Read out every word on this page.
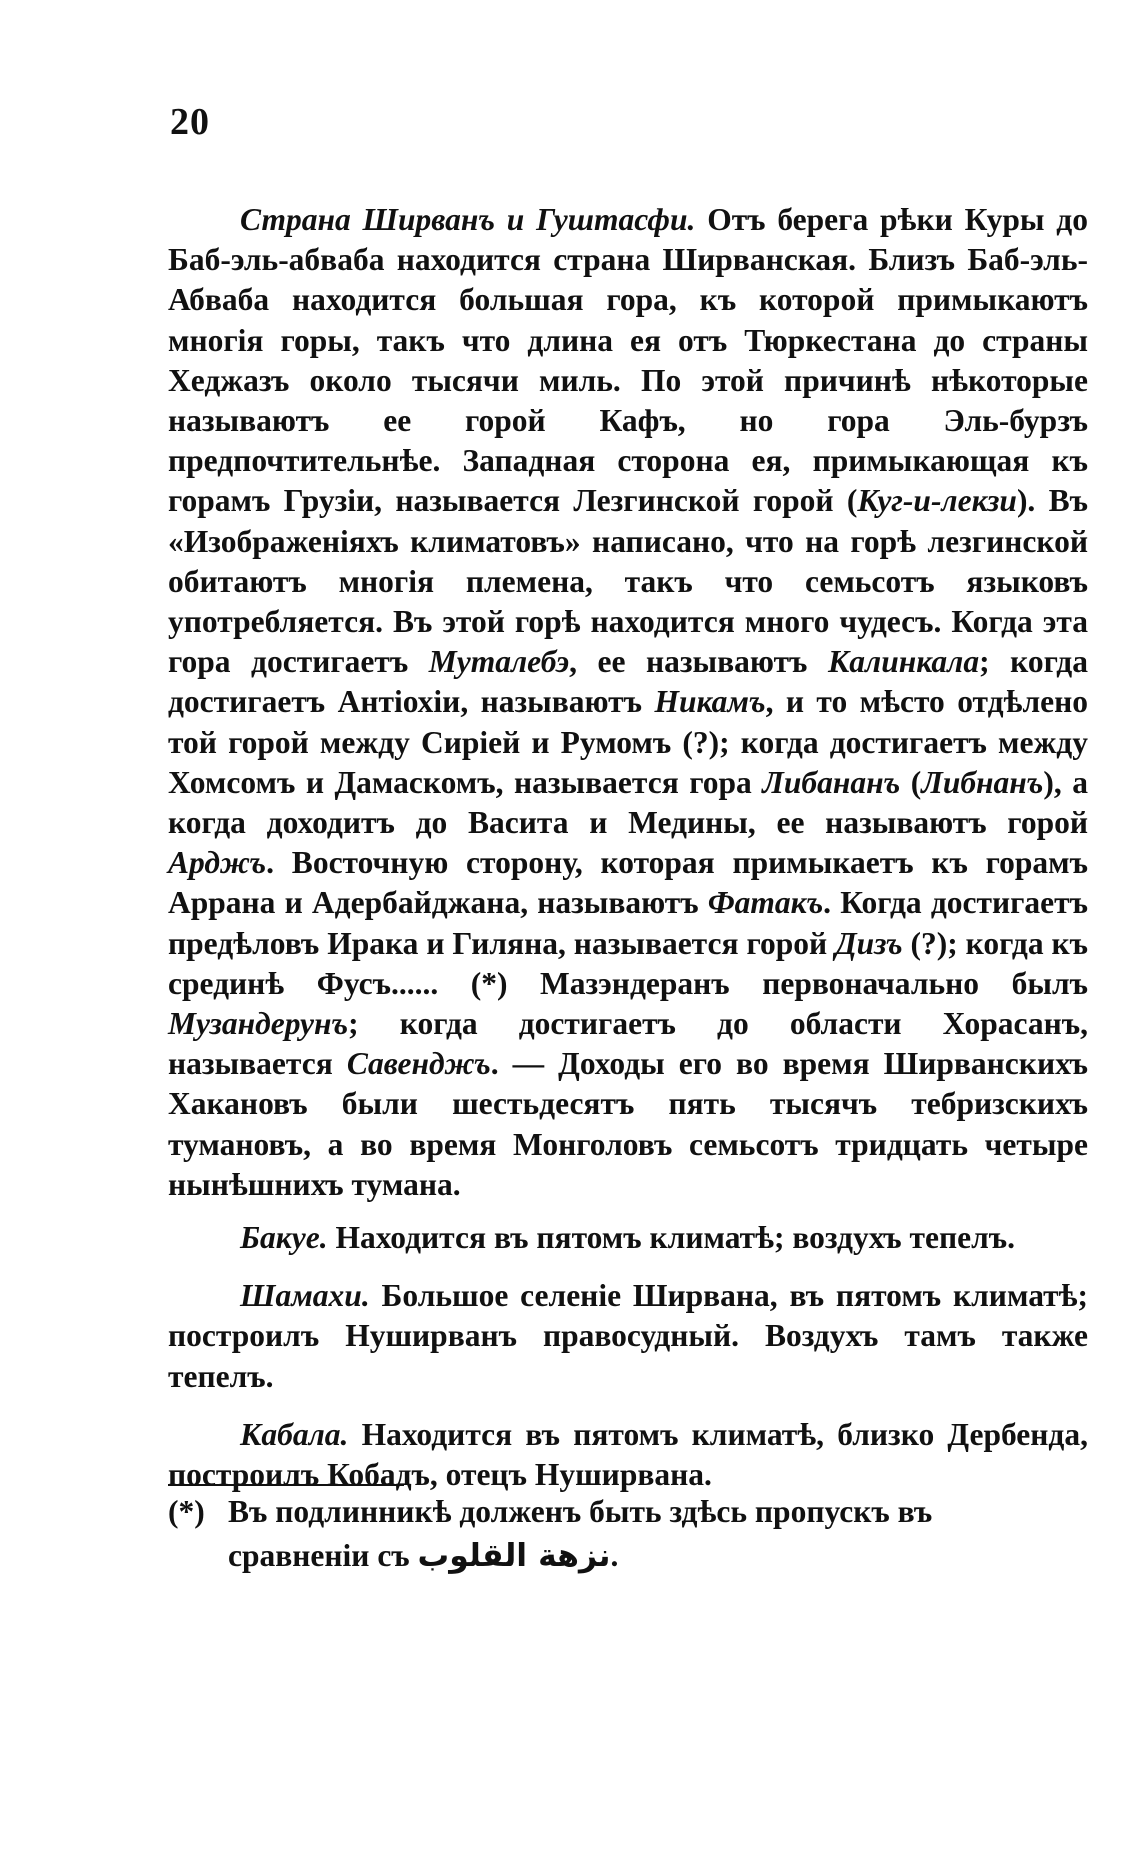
20

Страна Ширванъ и Гуштасфи. Отъ берега рѣки Куры до Баб-эль-абваба находится страна Ширванская. Близъ Баб-эль-Абваба находится большая гора, къ которой примыкаютъ многія горы, такъ что длина ея отъ Тюркестана до страны Хеджазъ около тысячи миль. По этой причинѣ нѣкоторые называютъ ее горой Кафъ, но гора Эль-бурзъ предпочтительнѣе. Западная сторона ея, примыкающая къ горамъ Грузіи, называется Лезгинской горой (Куг-и-лекзи). Въ «Изображеніяхъ климатовъ» написано, что на горѣ лезгинской обитаютъ многія племена, такъ что семьсотъ языковъ употребляется. Въ этой горѣ находится много чудесъ. Когда эта гора достигаетъ Муталебэ, ее называютъ Калинкала; когда достигаетъ Антіохіи, называютъ Никамъ, и то мѣсто отдѣлено той горой между Сиріей и Румомъ (?); когда достигаетъ между Хомсомъ и Дамаскомъ, называется гора Либананъ (Либнанъ), а когда доходитъ до Васита и Медины, ее называютъ горой Арджъ. Восточную сторону, которая примыкаетъ къ горамъ Аррана и Адербайджана, называютъ Фатакъ. Когда достигаетъ предѣловъ Ирака и Гиляна, называется горой Дизъ (?); когда къ срединѣ Фусъ...... (*) Мазэндеранъ первоначально былъ Музандерунъ; когда достигаетъ до области Хорасанъ, называется Савенджъ. — Доходы его во время Ширванскихъ Хакановъ были шестьдесятъ пять тысячъ тебризскихъ тумановъ, а во время Монголовъ семьсотъ тридцать четыре нынѣшнихъ тумана.

Бакуе. Находится въ пятомъ климатѣ; воздухъ тепелъ.

Шамахи. Большое селеніе Ширвана, въ пятомъ климатѣ; построилъ Нуширванъ правосудный. Воздухъ тамъ также тепелъ.

Кабала. Находится въ пятомъ климатѣ, близко Дербенда, построилъ Кобадъ, отецъ Нуширвана.

(*) Въ подлинникѣ долженъ быть здѣсь пропускъ въ
сравненіи съ نزهة القلوب.
